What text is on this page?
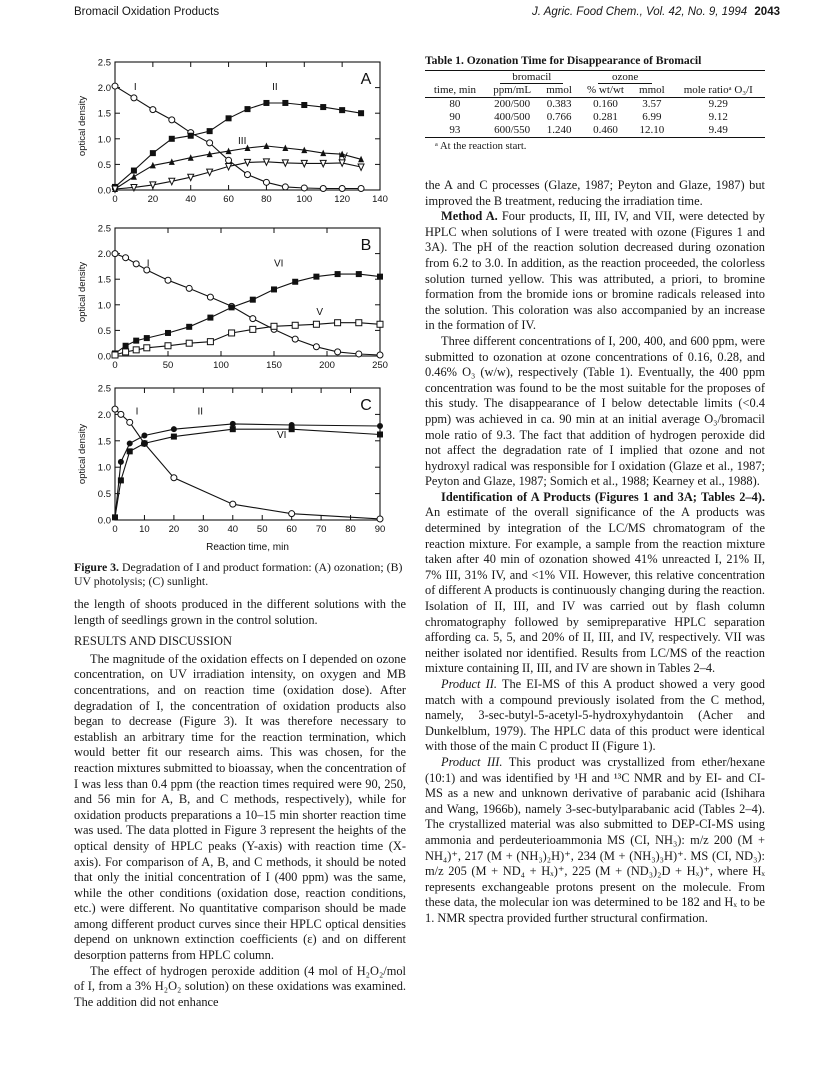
Bromacil Oxidation Products	J. Agric. Food Chem., Vol. 42, No. 9, 1994 2043
0.0
0.5
1.0
1.5
2.0
2.5
0	20	40	60	80	100 120 140
optical density
A
I	II
III
IV
0.0
0.5
1.0
1.5
2.0
2.5
0	50	100	150	200	250
optical density
B
I	VI
V
0.0
0.5
1.0
1.5
2.0
2.5
0 10 20 30 40 50 60 70 80 90
optical density
C
I	II
VI
Reaction time, min
Figure 3. Degradation of I and product formation: (A) ozonation; (B) UV photolysis; (C) sunlight.

the length of shoots produced in the different solutions with the length of seedlings grown in the control solution.

RESULTS AND DISCUSSION

The magnitude of the oxidation effects on I depended on ozone concentration, on UV irradiation intensity, on oxygen and MB concentrations, and on reaction time (oxidation dose). After degradation of I, the concentration of oxidation products also began to decrease (Figure 3). It was therefore necessary to establish an arbitrary time for the reaction termination, which would better fit our research aims. This was chosen, for the reaction mixtures submitted to bioassay, when the concentration of I was less than 0.4 ppm (the reaction times required were 90, 250, and 56 min for A, B, and C methods, respectively), while for oxidation products preparations a 10–15 min shorter reaction time was used. The data plotted in Figure 3 represent the heights of the optical density of HPLC peaks (Y-axis) with reaction time (X-axis). For comparison of A, B, and C methods, it should be noted that only the initial concentration of I (400 ppm) was the same, while the other conditions (oxidation dose, reaction conditions, etc.) were different. No quantitative comparison should be made among different product curves since their HPLC optical densities depend on unknown extinction coefficients (ε) and on different desorption patterns from HPLC column.

The effect of hydrogen peroxide addition (4 mol of H₂O₂/mol of I, from a 3% H₂O₂ solution) on these oxidations was examined. The addition did not enhance

Table 1. Ozonation Time for Disappearance of Bromacil
	bromacil		ozone		
time, min	ppm/mL	mmol	% wt/wt	mmol	mole ratioᵃ O₃/I
80	200/500	0.383	0.160	3.57	9.29
90	400/500	0.766	0.281	6.99	9.12
93	600/550	1.240	0.460	12.10	9.49
ᵃ At the reaction start.

the A and C processes (Glaze, 1987; Peyton and Glaze, 1987) but improved the B treatment, reducing the irradiation time.

Method A. Four products, II, III, IV, and VII, were detected by HPLC when solutions of I were treated with ozone (Figures 1 and 3A). The pH of the reaction solution decreased during ozonation from 6.2 to 3.0. In addition, as the reaction proceeded, the colorless solution turned yellow. This was attributed, a priori, to bromine formation from the bromide ions or bromine radicals released into the solution. This coloration was also accompanied by an increase in the formation of IV.

Three different concentrations of I, 200, 400, and 600 ppm, were submitted to ozonation at ozone concentrations of 0.16, 0.28, and 0.46% O₃ (w/w), respectively (Table 1). Eventually, the 400 ppm concentration was found to be the most suitable for the proposes of this study. The disappearance of I below detectable limits (<0.4 ppm) was achieved in ca. 90 min at an initial average O₃/bromacil mole ratio of 9.3. The fact that addition of hydrogen peroxide did not affect the degradation rate of I implied that ozone and not hydroxyl radical was responsible for I oxidation (Glaze et al., 1987; Peyton and Glaze, 1987; Somich et al., 1988; Kearney et al., 1988).

Identification of A Products (Figures 1 and 3A; Tables 2–4). An estimate of the overall significance of the A products was determined by integration of the LC/MS chromatogram of the reaction mixture. For example, a sample from the reaction mixture taken after 40 min of ozonation showed 41% unreacted I, 21% II, 7% III, 31% IV, and <1% VII. However, this relative concentration of different A products is continuously changing during the reaction. Isolation of II, III, and IV was carried out by flash column chromatography followed by semipreparative HPLC separation affording ca. 5, 5, and 20% of II, III, and IV, respectively. VII was neither isolated nor identified. Results from LC/MS of the reaction mixture containing II, III, and IV are shown in Tables 2–4.

Product II. The EI-MS of this A product showed a very good match with a compound previously isolated from the C method, namely, 3-sec-butyl-5-acetyl-5-hydroxyhydantoin (Acher and Dunkelblum, 1979). The HPLC data of this product were identical with those of the main C product II (Figure 1).

Product III. This product was crystallized from ether/hexane (10:1) and was identified by ¹H and ¹³C NMR and by EI- and CI-MS as a new and unknown derivative of parabanic acid (Ishihara and Wang, 1966b), namely 3-sec-butylparabanic acid (Tables 2–4). The crystallized material was also submitted to DEP-CI-MS using ammonia and perdeuterioammonia MS (CI, NH₃): m/z 200 (M + NH₄)⁺, 217 (M + (NH₃)₂H)⁺, 234 (M + (NH₃)₃H)⁺. MS (CI, ND₃): m/z 205 (M + ND₄ + Hₓ)⁺, 225 (M + (ND₃)₂D + Hₓ)⁺, where Hₓ represents exchangeable protons present on the molecule. From these data, the molecular ion was determined to be 182 and Hₓ to be 1. NMR spectra provided further structural confirmation.
